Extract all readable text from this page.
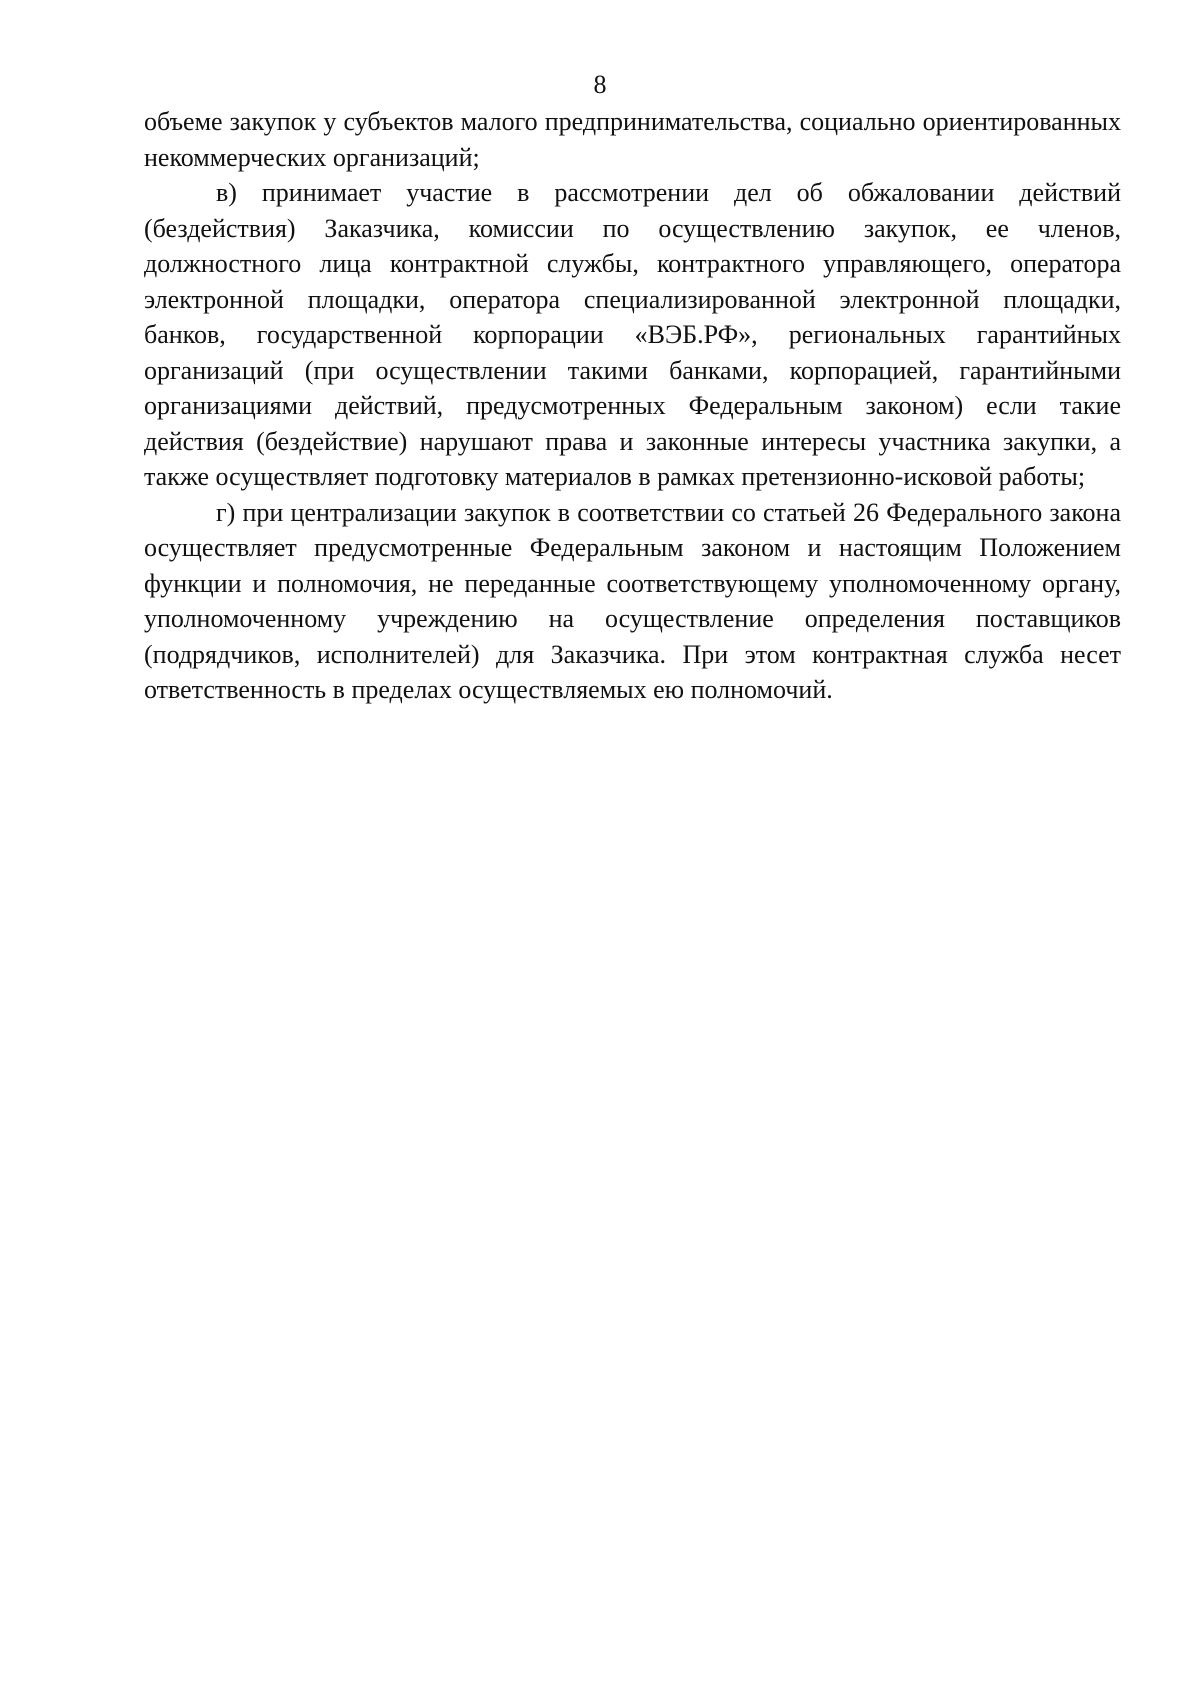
8

объеме закупок у субъектов малого предпринимательства, социально ориентированных некоммерческих организаций;

в) принимает участие в рассмотрении дел об обжаловании действий (бездействия) Заказчика, комиссии по осуществлению закупок, ее членов, должностного лица контрактной службы, контрактного управляющего, оператора электронной площадки, оператора специализированной электронной площадки, банков, государственной корпорации «ВЭБ.РФ», региональных гарантийных организаций (при осуществлении такими банками, корпорацией, гарантийными организациями действий, предусмотренных Федеральным законом) если такие действия (бездействие) нарушают права и законные интересы участника закупки, а также осуществляет подготовку материалов в рамках претензионно-исковой работы;

г) при централизации закупок в соответствии со статьей 26 Федерального закона осуществляет предусмотренные Федеральным законом и настоящим Положением функции и полномочия, не переданные соответствующему уполномоченному органу, уполномоченному учреждению на осуществление определения поставщиков (подрядчиков, исполнителей) для Заказчика. При этом контрактная служба несет ответственность в пределах осуществляемых ею полномочий.
